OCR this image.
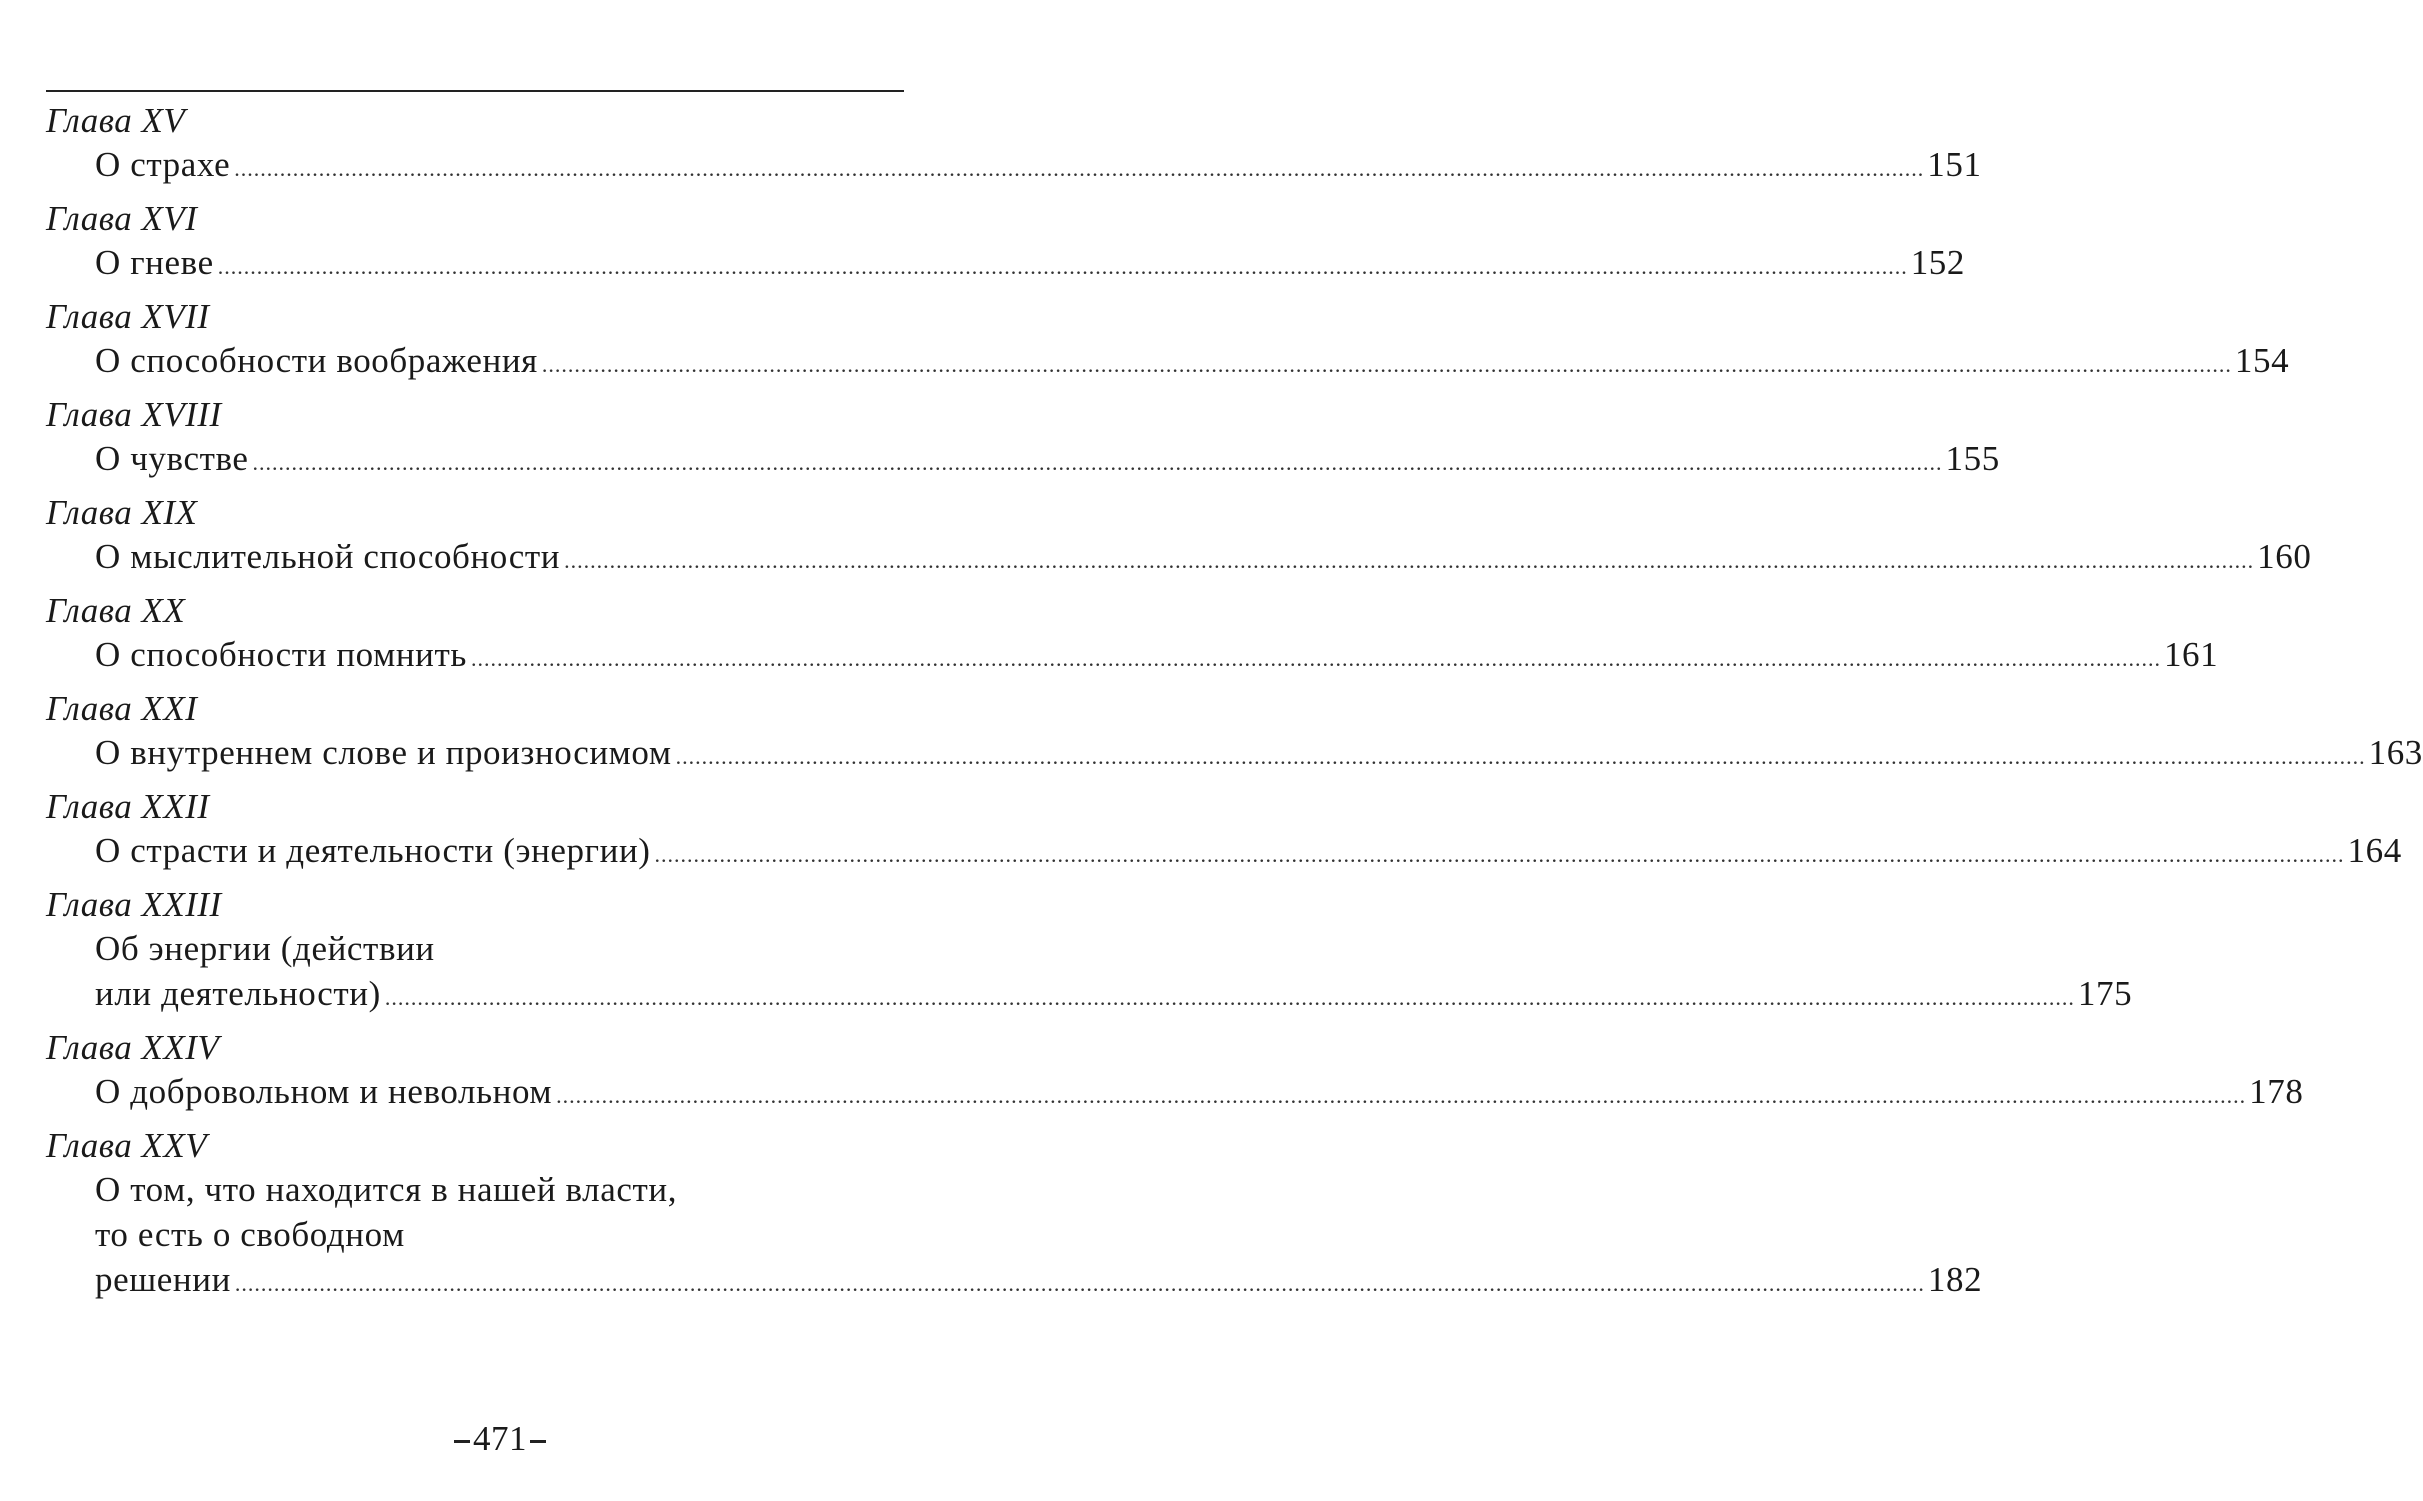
Глава XV
О страхе .................................................................................................................................................................................................................................................................... 151
Глава XVI
О гневе .................................................................................................................................................................................................................................................................... 152
Глава XVII
О способности воображения .................................................................................................................................................................................................................................................................... 154
Глава XVIII
О чувстве .................................................................................................................................................................................................................................................................... 155
Глава XIX
О мыслительной способности .................................................................................................................................................................................................................................................................... 160
Глава XX
О способности помнить .................................................................................................................................................................................................................................................................... 161
Глава XXI
О внутреннем слове и произносимом .................................................................................................................................................................................................................................................................... 163
Глава XXII
О страсти и деятельности (энергии) .................................................................................................................................................................................................................................................................... 164
Глава XXIII
Об энергии (действии
или деятельности) .................................................................................................................................................................................................................................................................... 175
Глава XXIV
О добровольном и невольном .................................................................................................................................................................................................................................................................... 178
Глава XXV
О том, что находится в нашей власти,
то есть о свободном
решении .................................................................................................................................................................................................................................................................... 182
471
